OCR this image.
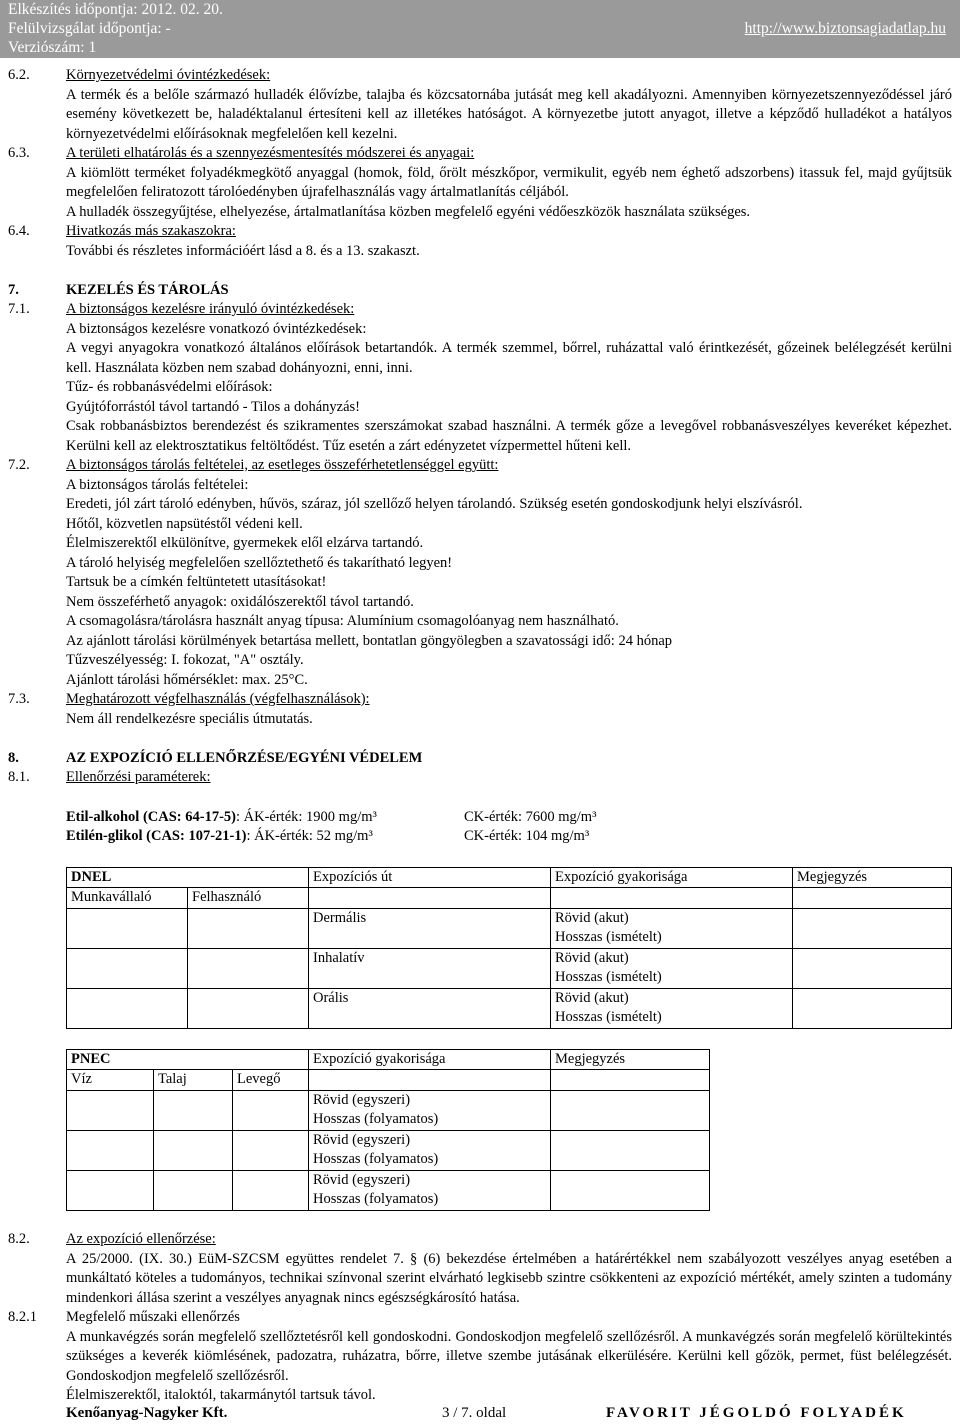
Elkészítés időpontja: 2012. 02. 20.
Felülvizsgálat időpontja: -
Verziószám: 1
http://www.biztonsagiadatlap.hu
6.2.	Környezetvédelmi óvintézkedések:
A termék és a belőle származó hulladék élővízbe, talajba és közcsatornába jutását meg kell akadályozni. Amennyiben környezetszennyeződéssel járó esemény következett be, haladéktalanul értesíteni kell az illetékes hatóságot. A környezetbe jutott anyagot, illetve a képződő hulladékot a hatályos környezetvédelmi előírásoknak megfelelően kell kezelni.
6.3.	A területi elhatárolás és a szennyezésmentesítés módszerei és anyagai:
A kiömlött terméket folyadékmegkötő anyaggal (homok, föld, őrölt mészkőpor, vermikulit, egyéb nem éghető adszorbens) itassuk fel, majd gyűjtsük megfelelően feliratozott tárolóedényben újrafelhasználás vagy ártalmatlanítás céljából.
A hulladék összegyűjtése, elhelyezése, ártalmatlanítása közben megfelelő egyéni védőeszközök használata szükséges.
6.4.	Hivatkozás más szakaszokra:
További és részletes információért lásd a 8. és a 13. szakaszt.
7.	KEZELÉS ÉS TÁROLÁS
7.1.	A biztonságos kezelésre irányuló óvintézkedések:
A biztonságos kezelésre vonatkozó óvintézkedések:
A vegyi anyagokra vonatkozó általános előírások betartandók. A termék szemmel, bőrrel, ruházattal való érintkezését, gőzeinek belélegzését kerülni kell. Használata közben nem szabad dohányozni, enni, inni.
Tűz- és robbanásvédelmi előírások:
Gyújtóforrástól távol tartandó - Tilos a dohányzás!
Csak robbanásbiztos berendezést és szikramentes szerszámokat szabad használni. A termék gőze a levegővel robbanásveszélyes keveréket képezhet. Kerülni kell az elektrosztatikus feltöltődést. Tűz esetén a zárt edényzetet vízpermettel hűteni kell.
7.2.	A biztonságos tárolás feltételei, az esetleges összeférhetetlenséggel együtt:
A biztonságos tárolás feltételei:
Eredeti, jól zárt tároló edényben, hűvös, száraz, jól szellőző helyen tárolandó. Szükség esetén gondoskodjunk helyi elszívásról.
Hőtől, közvetlen napsütéstől védeni kell.
Élelmiszerektől elkülönítve, gyermekek elől elzárva tartandó.
A tároló helyiség megfelelően szellőztethető és takarítható legyen!
Tartsuk be a címkén feltüntetett utasításokat!
Nem összeférhető anyagok: oxidálószerektől távol tartandó.
A csomagolásra/tárolásra használt anyag típusa: Alumínium csomagolóanyag nem használható.
Az ajánlott tárolási körülmények betartása mellett, bontatlan göngyölegben a szavatossági idő: 24 hónap
Tűzveszélyesség: I. fokozat, "A" osztály.
Ajánlott tárolási hőmérséklet: max. 25°C.
7.3.	Meghatározott végfelhasználás (végfelhasználások):
Nem áll rendelkezésre speciális útmutatás.
8.	AZ EXPOZÍCIÓ ELLENŐRZÉSE/EGYÉNI VÉDELEM
8.1.	Ellenőrzési paraméterek:
Etil-alkohol (CAS: 64-17-5): ÁK-érték: 1900 mg/m³	CK-érték: 7600 mg/m³
Etilén-glikol (CAS: 107-21-1): ÁK-érték: 52 mg/m³	CK-érték: 104 mg/m³
DNEL		Expozíciós út	Expozíció gyakorisága	Megjegyzés
Munkavállaló	Felhasználó			
		Dermális	Rövid (akut)
Hosszas (ismételt)	

		Inhalatív	Rövid (akut)
Hosszas (ismételt)	

		Orális	Rövid (akut)
Hosszas (ismételt)	

PNEC			Expozíció gyakorisága	Megjegyzés
Víz	Talaj	Levegő		

			Rövid (egyszeri)
Hosszas (folyamatos)	

			Rövid (egyszeri)
Hosszas (folyamatos)	

			Rövid (egyszeri)
Hosszas (folyamatos)	

8.2.	Az expozíció ellenőrzése:
A 25/2000. (IX. 30.) EüM-SZCSM együttes rendelet 7. § (6) bekezdése értelmében a határértékkel nem szabályozott veszélyes anyag esetében a munkáltató köteles a tudományos, technikai színvonal szerint elvárható legkisebb szintre csökkenteni az expozíció mértékét, amely szinten a tudomány mindenkori állása szerint a veszélyes anyagnak nincs egészségkárosító hatása.
8.2.1	Megfelelő műszaki ellenőrzés
A munkavégzés során megfelelő szellőztetésről kell gondoskodni. Gondoskodjon megfelelő szellőzésről. A munkavégzés során megfelelő körültekintés szükséges a keverék kiömlésének, padozatra, ruházatra, bőrre, illetve szembe jutásának elkerülésére. Kerülni kell gőzök, permet, füst belélegzését. Gondoskodjon megfelelő szellőzésről.
Élelmiszerektől, italoktól, takarmánytól tartsuk távol.
Kenőanyag-Nagyker Kft.	3 / 7. oldal	FAVORIT JÉGOLDÓ FOLYADÉK
